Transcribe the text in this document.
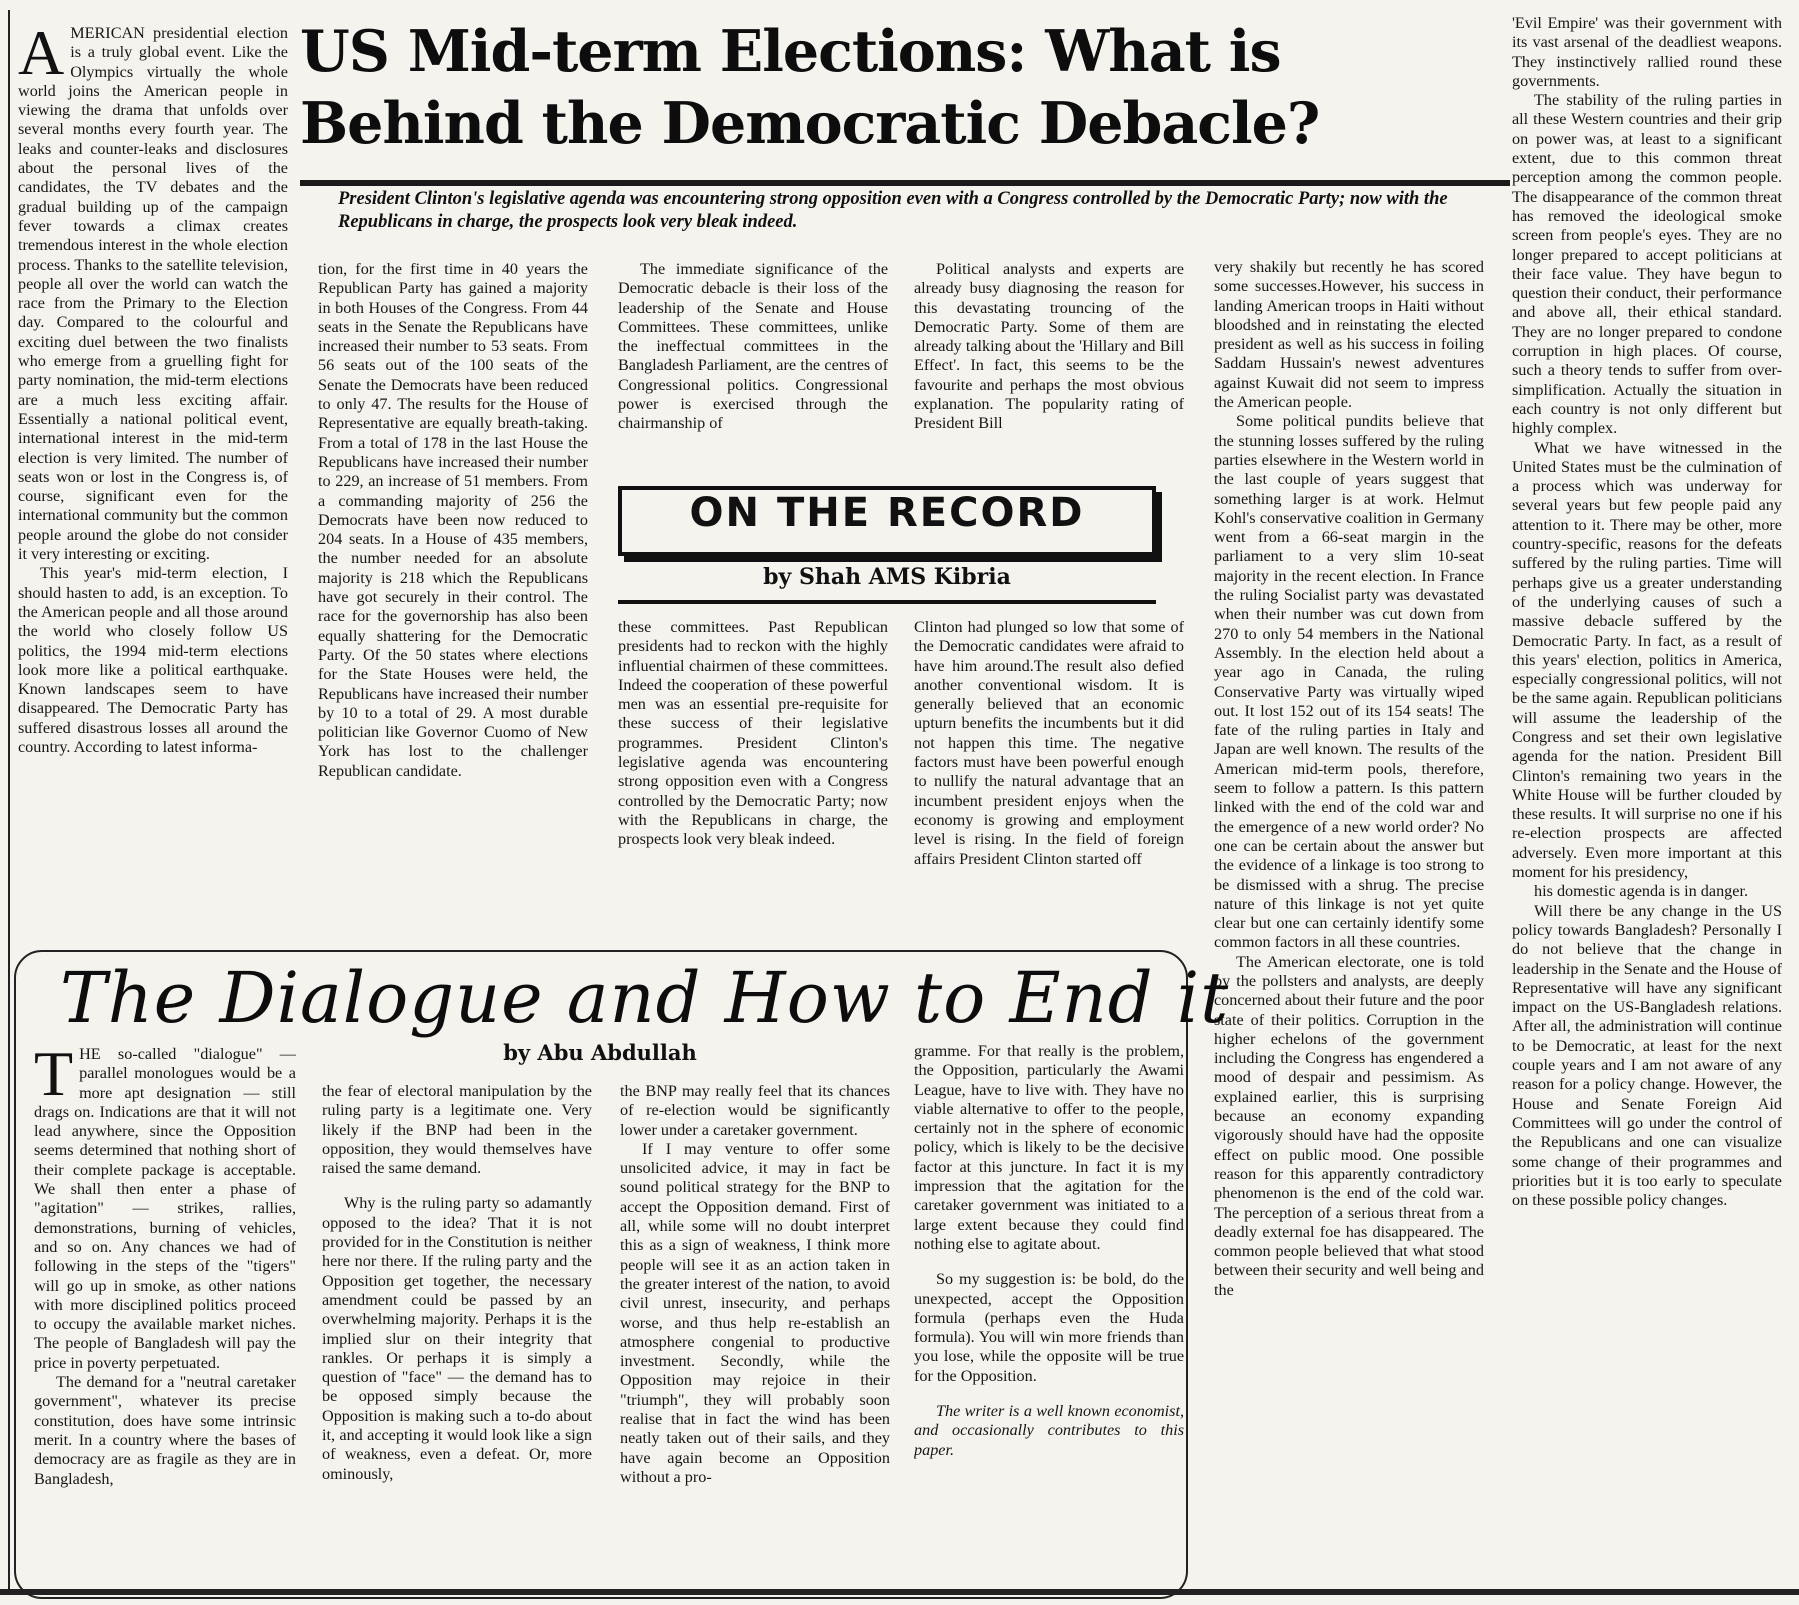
US Mid-term Elections: What is
Behind the Democratic Debacle?
President Clinton's legislative agenda was encountering strong opposition even with a Congress controlled by the Democratic Party; now with the Republicans in charge, the prospects look very bleak indeed.

AMERICAN presidential election is a truly global event. Like the Olympics virtually the whole world joins the American people in viewing the drama that unfolds over several months every fourth year. The leaks and counter-leaks and disclosures about the personal lives of the candidates, the TV debates and the gradual building up of the campaign fever towards a climax creates tremendous interest in the whole election process. Thanks to the satellite television, people all over the world can watch the race from the Primary to the Election day. Compared to the colourful and exciting duel between the two finalists who emerge from a gruelling fight for party nomination, the mid-term elections are a much less exciting affair. Essentially a national political event, international interest in the mid-term election is very limited. The number of seats won or lost in the Congress is, of course, significant even for the international community but the common people around the globe do not consider it very interesting or exciting.

This year's mid-term election, I should hasten to add, is an exception. To the American people and all those around the world who closely follow US politics, the 1994 mid-term elections look more like a political earthquake. Known landscapes seem to have disappeared. The Democratic Party has suffered disastrous losses all around the country. According to latest informa-

tion, for the first time in 40 years the Republican Party has gained a majority in both Houses of the Congress. From 44 seats in the Senate the Republicans have increased their number to 53 seats. From 56 seats out of the 100 seats of the Senate the Democrats have been reduced to only 47. The results for the House of Representative are equally breath-taking. From a total of 178 in the last House the Republicans have increased their number to 229, an increase of 51 members. From a commanding majority of 256 the Democrats have been now reduced to 204 seats. In a House of 435 members, the number needed for an absolute majority is 218 which the Republicans have got securely in their control. The race for the governorship has also been equally shattering for the Democratic Party. Of the 50 states where elections for the State Houses were held, the Republicans have increased their number by 10 to a total of 29. A most durable politician like Governor Cuomo of New York has lost to the challenger Republican candidate.

The immediate significance of the Democratic debacle is their loss of the leadership of the Senate and House Committees. These committees, unlike the ineffectual committees in the Bangladesh Parliament, are the centres of Congressional politics. Congressional power is exercised through the chairmanship of

these committees. Past Republican presidents had to reckon with the highly influential chairmen of these committees. Indeed the cooperation of these powerful men was an essential pre-requisite for these success of their legislative programmes. President Clinton's legislative agenda was encountering strong opposition even with a Congress controlled by the Democratic Party; now with the Republicans in charge, the prospects look very bleak indeed.

Political analysts and experts are already busy diagnosing the reason for this devastating trouncing of the Democratic Party. Some of them are already talking about the 'Hillary and Bill Effect'. In fact, this seems to be the favourite and perhaps the most obvious explanation. The popularity rating of President Bill

Clinton had plunged so low that some of the Democratic candidates were afraid to have him around.The result also defied another conventional wisdom. It is generally believed that an economic upturn benefits the incumbents but it did not happen this time. The negative factors must have been powerful enough to nullify the natural advantage that an incumbent president enjoys when the economy is growing and employment level is rising. In the field of foreign affairs President Clinton started off

ON THE RECORD
by Shah AMS Kibria

very shakily but recently he has scored some successes.However, his success in landing American troops in Haiti without bloodshed and in reinstating the elected president as well as his success in foiling Saddam Hussain's newest adventures against Kuwait did not seem to impress the American people.

Some political pundits believe that the stunning losses suffered by the ruling parties elsewhere in the Western world in the last couple of years suggest that something larger is at work. Helmut Kohl's conservative coalition in Germany went from a 66-seat margin in the parliament to a very slim 10-seat majority in the recent election. In France the ruling Socialist party was devastated when their number was cut down from 270 to only 54 members in the National Assembly. In the election held about a year ago in Canada, the ruling Conservative Party was virtually wiped out. It lost 152 out of its 154 seats! The fate of the ruling parties in Italy and Japan are well known. The results of the American mid-term pools, therefore, seem to follow a pattern. Is this pattern linked with the end of the cold war and the emergence of a new world order? No one can be certain about the answer but the evidence of a linkage is too strong to be dismissed with a shrug. The precise nature of this linkage is not yet quite clear but one can certainly identify some common factors in all these countries.

The American electorate, one is told by the pollsters and analysts, are deeply concerned about their future and the poor state of their politics. Corruption in the higher echelons of the government including the Congress has engendered a mood of despair and pessimism. As explained earlier, this is surprising because an economy expanding vigorously should have had the opposite effect on public mood. One possible reason for this apparently contradictory phenomenon is the end of the cold war. The perception of a serious threat from a deadly external foe has disappeared. The common people believed that what stood between their security and well being and the

'Evil Empire' was their government with its vast arsenal of the deadliest weapons. They instinctively rallied round these governments.

The stability of the ruling parties in all these Western countries and their grip on power was, at least to a significant extent, due to this common threat perception among the common people. The disappearance of the common threat has removed the ideological smoke screen from people's eyes. They are no longer prepared to accept politicians at their face value. They have begun to question their conduct, their performance and above all, their ethical standard. They are no longer prepared to condone corruption in high places. Of course, such a theory tends to suffer from over-simplification. Actually the situation in each country is not only different but highly complex.

What we have witnessed in the United States must be the culmination of a process which was underway for several years but few people paid any attention to it. There may be other, more country-specific, reasons for the defeats suffered by the ruling parties. Time will perhaps give us a greater understanding of the underlying causes of such a massive debacle suffered by the Democratic Party. In fact, as a result of this years' election, politics in America, especially congressional politics, will not be the same again. Republican politicians will assume the leadership of the Congress and set their own legislative agenda for the nation. President Bill Clinton's remaining two years in the White House will be further clouded by these results. It will surprise no one if his re-election prospects are affected adversely. Even more important at this moment for his presidency,

his domestic agenda is in danger.

Will there be any change in the US policy towards Bangladesh? Personally I do not believe that the change in leadership in the Senate and the House of Representative will have any significant impact on the US-Bangladesh relations. After all, the administration will continue to be Democratic, at least for the next couple years and I am not aware of any reason for a policy change. However, the House and Senate Foreign Aid Committees will go under the control of the Republicans and one can visualize some change of their programmes and priorities but it is too early to speculate on these possible policy changes.

The Dialogue and How to End it
by Abu Abdullah

THE so-called "dialogue" — parallel monologues would be a more apt designation — still drags on. Indications are that it will not lead anywhere, since the Opposition seems determined that nothing short of their complete package is acceptable. We shall then enter a phase of "agitation" — strikes, rallies, demonstrations, burning of vehicles, and so on. Any chances we had of following in the steps of the "tigers" will go up in smoke, as other nations with more disciplined politics proceed to occupy the available market niches. The people of Bangladesh will pay the price in poverty perpetuated.

The demand for a "neutral caretaker government", whatever its precise constitution, does have some intrinsic merit. In a country where the bases of democracy are as fragile as they are in Bangladesh,

the fear of electoral manipulation by the ruling party is a legitimate one. Very likely if the BNP had been in the opposition, they would themselves have raised the same demand.

Why is the ruling party so adamantly opposed to the idea? That it is not provided for in the Constitution is neither here nor there. If the ruling party and the Opposition get together, the necessary amendment could be passed by an overwhelming majority. Perhaps it is the implied slur on their integrity that rankles. Or perhaps it is simply a question of "face" — the demand has to be opposed simply because the Opposition is making such a to-do about it, and accepting it would look like a sign of weakness, even a defeat. Or, more ominously,

the BNP may really feel that its chances of re-election would be significantly lower under a caretaker government.

If I may venture to offer some unsolicited advice, it may in fact be sound political strategy for the BNP to accept the Opposition demand. First of all, while some will no doubt interpret this as a sign of weakness, I think more people will see it as an action taken in the greater interest of the nation, to avoid civil unrest, insecurity, and perhaps worse, and thus help re-establish an atmosphere congenial to productive investment. Secondly, while the Opposition may rejoice in their "triumph", they will probably soon realise that in fact the wind has been neatly taken out of their sails, and they have again become an Opposition without a pro-

gramme. For that really is the problem, the Opposition, particularly the Awami League, have to live with. They have no viable alternative to offer to the people, certainly not in the sphere of economic policy, which is likely to be the decisive factor at this juncture. In fact it is my impression that the agitation for the caretaker government was initiated to a large extent because they could find nothing else to agitate about.

So my suggestion is: be bold, do the unexpected, accept the Opposition formula (perhaps even the Huda formula). You will win more friends than you lose, while the opposite will be true for the Opposition.

The writer is a well known economist, and occasionally contributes to this paper.
